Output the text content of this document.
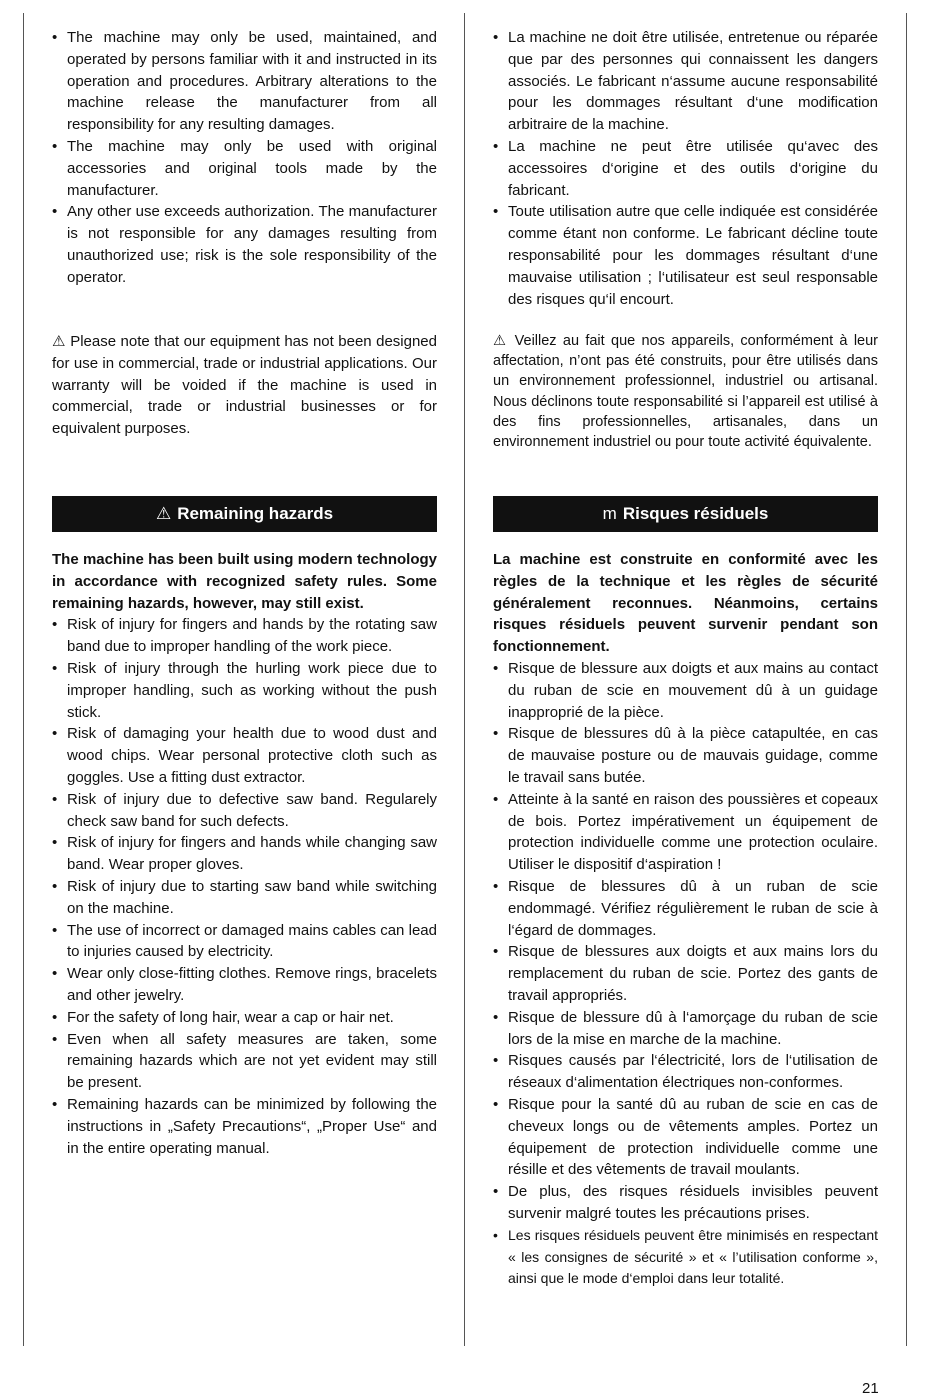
• The machine may only be used, maintained, and operated by persons familiar with it and instructed in its operation and procedures. Arbitrary alterations to the machine release the manufacturer from all responsibility for any resulting damages.
• The machine may only be used with original accessories and original tools made by the manufacturer.
• Any other use exceeds authorization. The manufacturer is not responsible for any damages resulting from unauthorized use; risk is the sole responsibility of the operator.

⚠ Please note that our equipment has not been designed for use in commercial, trade or industrial applications. Our warranty will be voided if the machine is used in commercial, trade or industrial businesses or for equivalent purposes.

⚠ Remaining hazards

The machine has been built using modern technology in accordance with recognized safety rules. Some remaining hazards, however, may still exist.

• Risk of injury for fingers and hands by the rotating saw band due to improper handling of the work piece.
• Risk of injury through the hurling work piece due to improper handling, such as working without the push stick.
• Risk of damaging your health due to wood dust and wood chips. Wear personal protective cloth such as goggles. Use a fitting dust extractor.
• Risk of injury due to defective saw band. Regularely check saw band for such defects.
• Risk of injury for fingers and hands while changing saw band. Wear proper gloves.
• Risk of injury due to starting saw band while switching on the machine.
• The use of incorrect or damaged mains cables can lead to injuries caused by electricity.
• Wear only close-fitting clothes. Remove rings, bracelets and other jewelry.
• For the safety of long hair, wear a cap or hair net.
• Even when all safety measures are taken, some remaining hazards which are not yet evident may still be present.
• Remaining hazards can be minimized by following the instructions in „Safety Precautions“, „Proper Use“ and in the entire operating manual.
• La machine ne doit être utilisée, entretenue ou réparée que par des personnes qui connaissent les dangers associés. Le fabricant n‘assume aucune responsabilité pour les dommages résultant d‘une modification arbitraire de la machine.
• La machine ne peut être utilisée qu‘avec des accessoires d‘origine et des outils d‘origine du fabricant.
• Toute utilisation autre que celle indiquée est considérée comme étant non conforme. Le fabricant décline toute responsabilité pour les dommages résultant d‘une mauvaise utilisation ; l‘utilisateur est seul responsable des risques qu‘il encourt.

⚠ Veillez au fait que nos appareils, conformément à leur affectation, n’ont pas été construits, pour être utilisés dans un environnement professionnel, industriel ou artisanal. Nous déclinons toute responsabilité si l’appareil est utilisé à des fins professionnelles, artisanales, dans un environnement industriel ou pour toute activité équivalente.

m Risques résiduels

La machine est construite en conformité avec les règles de la technique et les règles de sécurité généralement reconnues. Néanmoins, certains risques résiduels peuvent survenir pendant son fonctionnement.

• Risque de blessure aux doigts et aux mains au contact du ruban de scie en mouvement dû à un guidage inapproprié de la pièce.
• Risque de blessures dû à la pièce catapultée, en cas de mauvaise posture ou de mauvais guidage, comme le travail sans butée.
• Atteinte à la santé en raison des poussières et copeaux de bois. Portez impérativement un équipement de protection individuelle comme une protection oculaire. Utiliser le dispositif d‘aspiration !
• Risque de blessures dû à un ruban de scie endommagé. Vérifiez régulièrement le ruban de scie à l‘égard de dommages.
• Risque de blessures aux doigts et aux mains lors du remplacement du ruban de scie. Portez des gants de travail appropriés.
• Risque de blessure dû à l‘amorçage du ruban de scie lors de la mise en marche de la machine.
• Risques causés par l‘électricité, lors de l‘utilisation de réseaux d‘alimentation électriques non-conformes.
• Risque pour la santé dû au ruban de scie en cas de cheveux longs ou de vêtements amples. Portez un équipement de protection individuelle comme une résille et des vêtements de travail moulants.
• De plus, des risques résiduels invisibles peuvent survenir malgré toutes les précautions prises.
• Les risques résiduels peuvent être minimisés en respectant « les consignes de sécurité » et « l’utilisation conforme », ainsi que le mode d‘emploi dans leur totalité.
21
